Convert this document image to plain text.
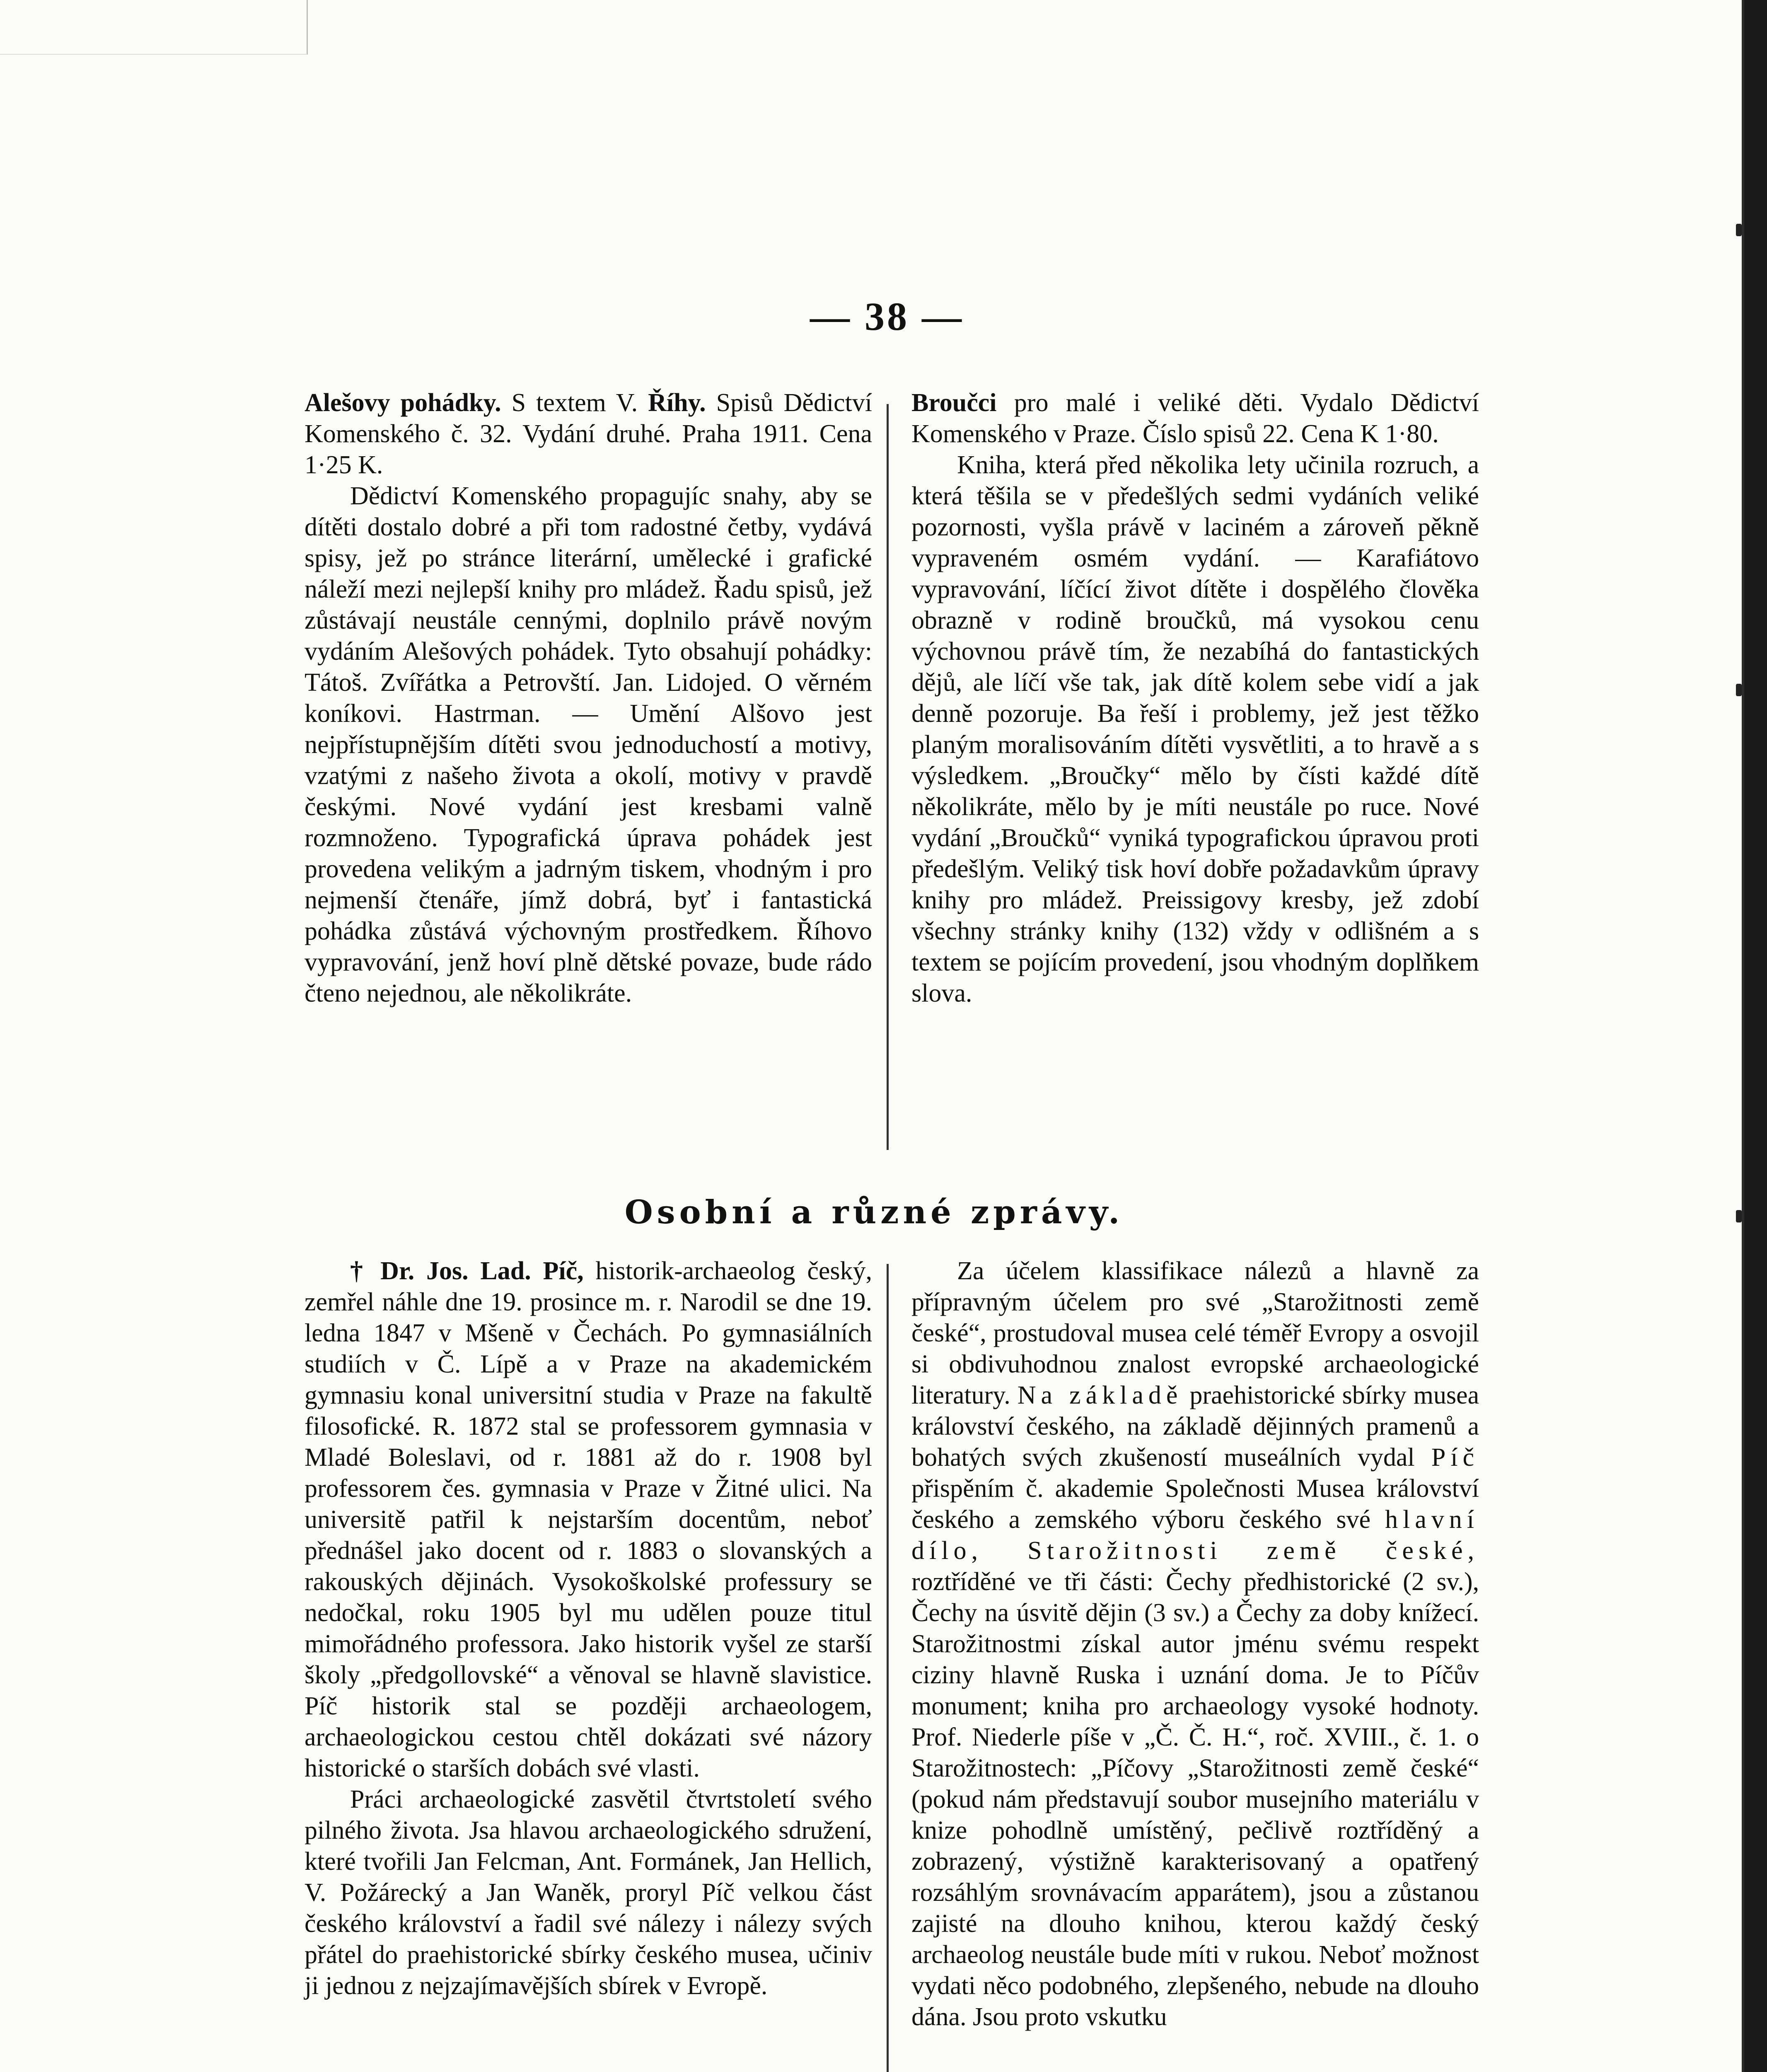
— 38 —

Alešovy pohádky. S textem V. Říhy. Spisů Dědictví Komenského č. 32. Vydání druhé. Praha 1911. Cena 1·25 K.

Dědictví Komenského propagujíc snahy, aby se dítěti dostalo dobré a při tom radostné četby, vydává spisy, jež po stránce literární, umělecké i grafické náleží mezi nejlepší knihy pro mládež. Řadu spisů, jež zůstávají neustále cennými, doplnilo právě novým vydáním Alešových pohádek. Tyto obsahují pohádky: Tátoš. Zvířátka a Petrovští. Jan. Lidojed. O věrném koníkovi. Hastrman. — Umění Alšovo jest nejpřístupnějším dítěti svou jednoduchostí a motivy, vzatými z našeho života a okolí, motivy v pravdě českými. Nové vydání jest kresbami valně rozmnoženo. Typografická úprava pohádek jest provedena velikým a jadrným tiskem, vhodným i pro nejmenší čtenáře, jímž dobrá, byť i fantastická pohádka zůstává výchovným prostředkem. Říhovo vypravování, jenž hoví plně dětské povaze, bude rádo čteno nejednou, ale několikráte.

Broučci pro malé i veliké děti. Vydalo Dědictví Komenského v Praze. Číslo spisů 22. Cena K 1·80.

Kniha, která před několika lety učinila rozruch, a která těšila se v předešlých sedmi vydáních veliké pozornosti, vyšla právě v laciném a zároveň pěkně vypraveném osmém vydání. — Karafiátovo vypravování, líčící život dítěte i dospělého člověka obrazně v rodině broučků, má vysokou cenu výchovnou právě tím, že nezabíhá do fantastických dějů, ale líčí vše tak, jak dítě kolem sebe vidí a jak denně pozoruje. Ba řeší i problemy, jež jest těžko planým moralisováním dítěti vysvětliti, a to hravě a s výsledkem. „Broučky“ mělo by čísti každé dítě několikráte, mělo by je míti neustále po ruce. Nové vydání „Broučků“ vyniká typografickou úpravou proti předešlým. Veliký tisk hoví dobře požadavkům úpravy knihy pro mládež. Preissigovy kresby, jež zdobí všechny stránky knihy (132) vždy v odlišném a s textem se pojícím provedení, jsou vhodným doplňkem slova.

Osobní a různé zprávy.

† Dr. Jos. Lad. Píč, historik-archaeolog český, zemřel náhle dne 19. prosince m. r. Narodil se dne 19. ledna 1847 v Mšeně v Čechách. Po gymnasiálních studiích v Č. Lípě a v Praze na akademickém gymnasiu konal universitní studia v Praze na fakultě filosofické. R. 1872 stal se professorem gymnasia v Mladé Boleslavi, od r. 1881 až do r. 1908 byl professorem čes. gymnasia v Praze v Žitné ulici. Na universitě patřil k nejstarším docentům, neboť přednášel jako docent od r. 1883 o slovanských a rakouských dějinách. Vysokoškolské professury se nedočkal, roku 1905 byl mu udělen pouze titul mimořádného professora. Jako historik vyšel ze starší školy „předgollovské“ a věnoval se hlavně slavistice. Píč historik stal se později archaeologem, archaeologickou cestou chtěl dokázati své názory historické o starších dobách své vlasti.

Práci archaeologické zasvětil čtvrtstoletí svého pilného života. Jsa hlavou archaeologického sdružení, které tvořili Jan Felcman, Ant. Formánek, Jan Hellich, V. Požárecký a Jan Waněk, proryl Píč velkou část českého království a řadil své nálezy i nálezy svých přátel do praehistorické sbírky českého musea, učiniv ji jednou z nejzajímavějších sbírek v Evropě.

Za účelem klassifikace nálezů a hlavně za přípravným účelem pro své „Starožitnosti země české“, prostudoval musea celé téměř Evropy a osvojil si obdivuhodnou znalost evropské archaeologické literatury. Na základě praehistorické sbírky musea království českého, na základě dějinných pramenů a bohatých svých zkušeností museálních vydal Píč přispěním č. akademie Společnosti Musea království českého a zemského výboru českého své hlavní dílo, Starožitnosti země české, roztříděné ve tři části: Čechy předhistorické (2 sv.), Čechy na úsvitě dějin (3 sv.) a Čechy za doby knížecí. Starožitnostmi získal autor jménu svému respekt ciziny hlavně Ruska i uznání doma. Je to Píčův monument; kniha pro archaeology vysoké hodnoty. Prof. Niederle píše v „Č. Č. H.“, roč. XVIII., č. 1. o Starožitnostech: „Píčovy „Starožitnosti země české“ (pokud nám představují soubor musejního materiálu v knize pohodlně umístěný, pečlivě roztříděný a zobrazený, výstižně karakterisovaný a opatřený rozsáhlým srovnávacím apparátem), jsou a zůstanou zajisté na dlouho knihou, kterou každý český archaeolog neustále bude míti v rukou. Neboť možnost vydati něco podobného, zlepšeného, nebude na dlouho dána. Jsou proto vskutku
